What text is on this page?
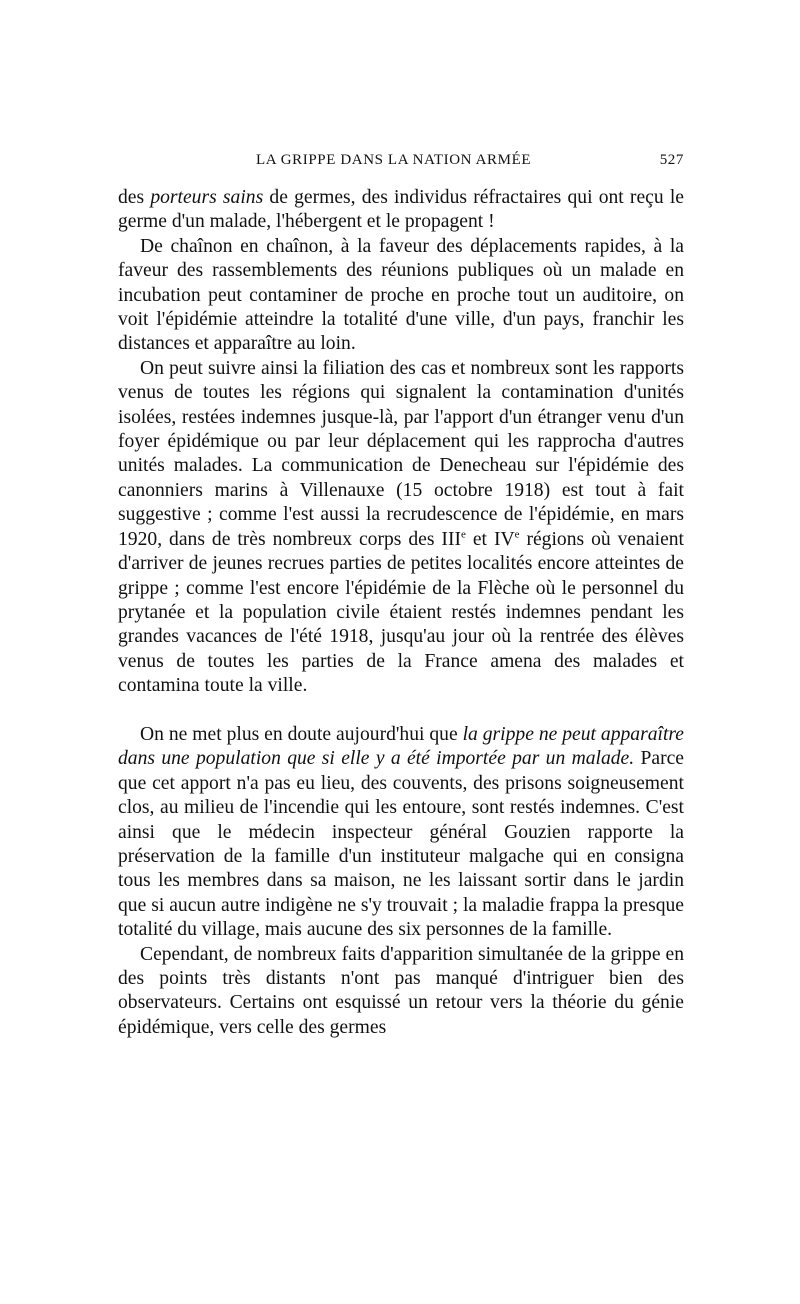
LA GRIPPE DANS LA NATION ARMÉE	527

des porteurs sains de germes, des individus réfractaires qui ont reçu le germe d'un malade, l'hébergent et le propagent !

De chaînon en chaînon, à la faveur des déplacements rapides, à la faveur des rassemblements des réunions publiques où un malade en incubation peut contaminer de proche en proche tout un auditoire, on voit l'épidémie atteindre la totalité d'une ville, d'un pays, franchir les distances et apparaître au loin.

On peut suivre ainsi la filiation des cas et nombreux sont les rapports venus de toutes les régions qui signalent la contamination d'unités isolées, restées indemnes jusque-là, par l'apport d'un étranger venu d'un foyer épidémique ou par leur déplacement qui les rapprocha d'autres unités malades. La communication de Denecheau sur l'épidémie des canonniers marins à Villenauxe (15 octobre 1918) est tout à fait suggestive ; comme l'est aussi la recrudescence de l'épidémie, en mars 1920, dans de très nombreux corps des IIIe et IVe régions où venaient d'arriver de jeunes recrues parties de petites localités encore atteintes de grippe ; comme l'est encore l'épidémie de la Flèche où le personnel du prytanée et la population civile étaient restés indemnes pendant les grandes vacances de l'été 1918, jusqu'au jour où la rentrée des élèves venus de toutes les parties de la France amena des malades et contamina toute la ville.

On ne met plus en doute aujourd'hui que la grippe ne peut apparaître dans une population que si elle y a été importée par un malade. Parce que cet apport n'a pas eu lieu, des couvents, des prisons soigneusement clos, au milieu de l'incendie qui les entoure, sont restés indemnes. C'est ainsi que le médecin inspecteur général Gouzien rapporte la préservation de la famille d'un instituteur malgache qui en consigna tous les membres dans sa maison, ne les laissant sortir dans le jardin que si aucun autre indigène ne s'y trouvait ; la maladie frappa la presque totalité du village, mais aucune des six personnes de la famille.

Cependant, de nombreux faits d'apparition simultanée de la grippe en des points très distants n'ont pas manqué d'intriguer bien des observateurs. Certains ont esquissé un retour vers la théorie du génie épidémique, vers celle des germes
